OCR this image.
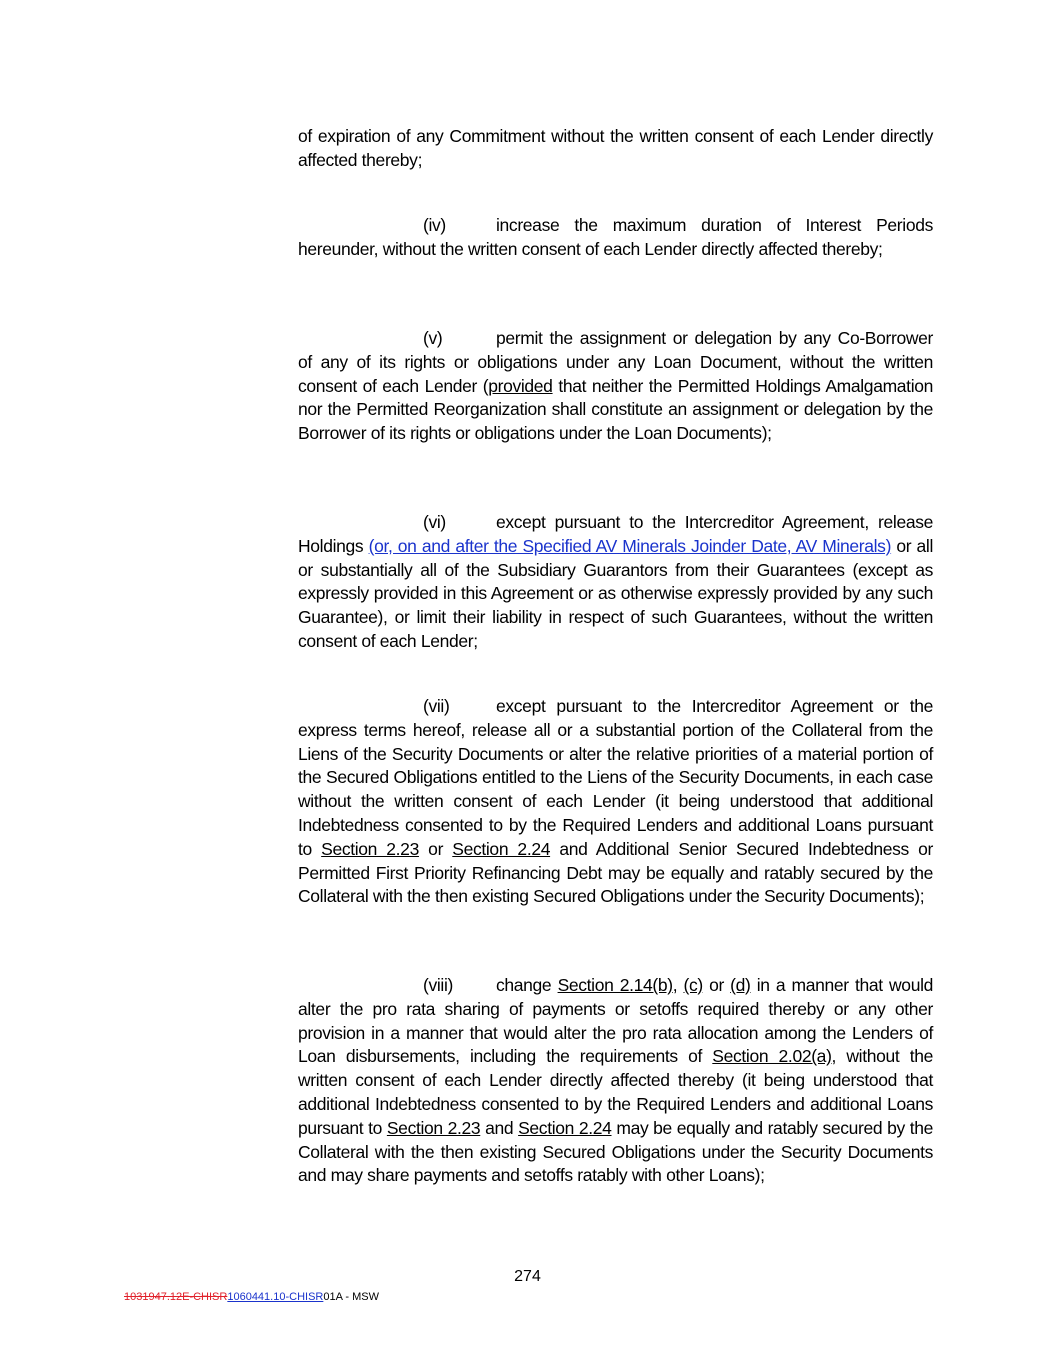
of expiration of any Commitment without the written consent of each Lender directly affected thereby;

(iv)	increase the maximum duration of Interest Periods hereunder, without the written consent of each Lender directly affected thereby;

(v)	permit the assignment or delegation by any Co-Borrower of any of its rights or obligations under any Loan Document, without the written consent of each Lender (provided that neither the Permitted Holdings Amalgamation nor the Permitted Reorganization shall constitute an assignment or delegation by the Borrower of its rights or obligations under the Loan Documents);

(vi)	except pursuant to the Intercreditor Agreement, release Holdings (or, on and after the Specified AV Minerals Joinder Date, AV Minerals) or all or substantially all of the Subsidiary Guarantors from their Guarantees (except as expressly provided in this Agreement or as otherwise expressly provided by any such Guarantee), or limit their liability in respect of such Guarantees, without the written consent of each Lender;

(vii)	except pursuant to the Intercreditor Agreement or the express terms hereof, release all or a substantial portion of the Collateral from the Liens of the Security Documents or alter the relative priorities of a material portion of the Secured Obligations entitled to the Liens of the Security Documents, in each case without the written consent of each Lender (it being understood that additional Indebtedness consented to by the Required Lenders and additional Loans pursuant to Section 2.23 or Section 2.24 and Additional Senior Secured Indebtedness or Permitted First Priority Refinancing Debt may be equally and ratably secured by the Collateral with the then existing Secured Obligations under the Security Documents);

(viii) change Section 2.14(b), (c) or (d) in a manner that would alter the pro rata sharing of payments or setoffs required thereby or any other provision in a manner that would alter the pro rata allocation among the Lenders of Loan disbursements, including the requirements of Section 2.02(a), without the written consent of each Lender directly affected thereby (it being understood that additional Indebtedness consented to by the Required Lenders and additional Loans pursuant to Section 2.23 and Section 2.24 may be equally and ratably secured by the Collateral with the then existing Secured Obligations under the Security Documents and may share payments and setoffs ratably with other Loans);

274
1031947.12E-CHISR1060441.10-CHISR01A - MSW
